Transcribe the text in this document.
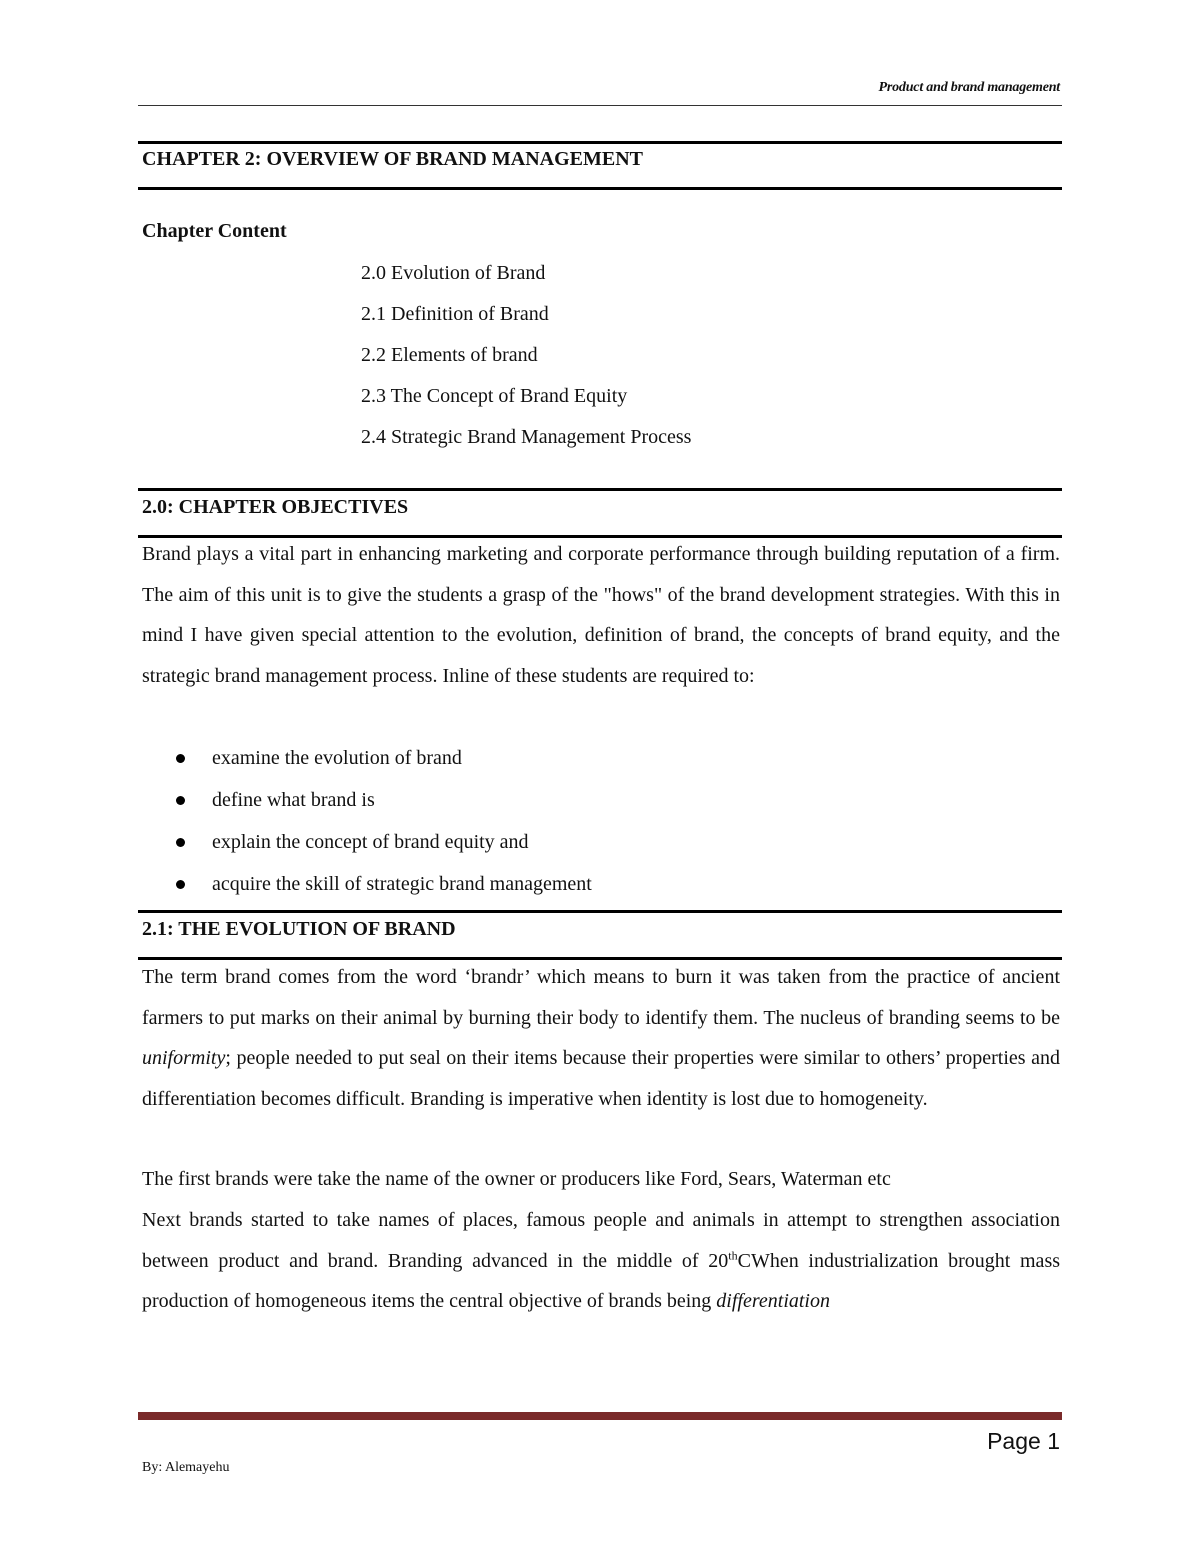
Product and brand management
CHAPTER 2: OVERVIEW OF BRAND MANAGEMENT
Chapter Content
2.0 Evolution of Brand
2.1 Definition of Brand
2.2 Elements of brand
2.3 The Concept of Brand Equity
2.4 Strategic Brand Management Process
2.0: CHAPTER OBJECTIVES

Brand plays a vital part in enhancing marketing and corporate performance through building reputation of a firm. The aim of this unit is to give the students a grasp of the "hows" of the brand development strategies. With this in mind I have given special attention to the evolution, definition of brand, the concepts of brand equity, and the strategic brand management process. Inline of these students are required to:

examine the evolution of brand
define what brand is
explain the concept of brand equity and
acquire the skill of strategic brand management
2.1: THE EVOLUTION OF BRAND

The term brand comes from the word ‘brandr’ which means to burn it was taken from the practice of ancient farmers to put marks on their animal by burning their body to identify them. The nucleus of branding seems to be uniformity; people needed to put seal on their items because their properties were similar to others’ properties and differentiation becomes difficult. Branding is imperative when identity is lost due to homogeneity.

The first brands were take the name of the owner or producers like Ford, Sears, Waterman etc

Next brands started to take names of places, famous people and animals in attempt to strengthen association between product and brand. Branding advanced in the middle of 20thCWhen industrialization brought mass production of homogeneous items the central objective of brands being differentiation

Page 1
By: Alemayehu
